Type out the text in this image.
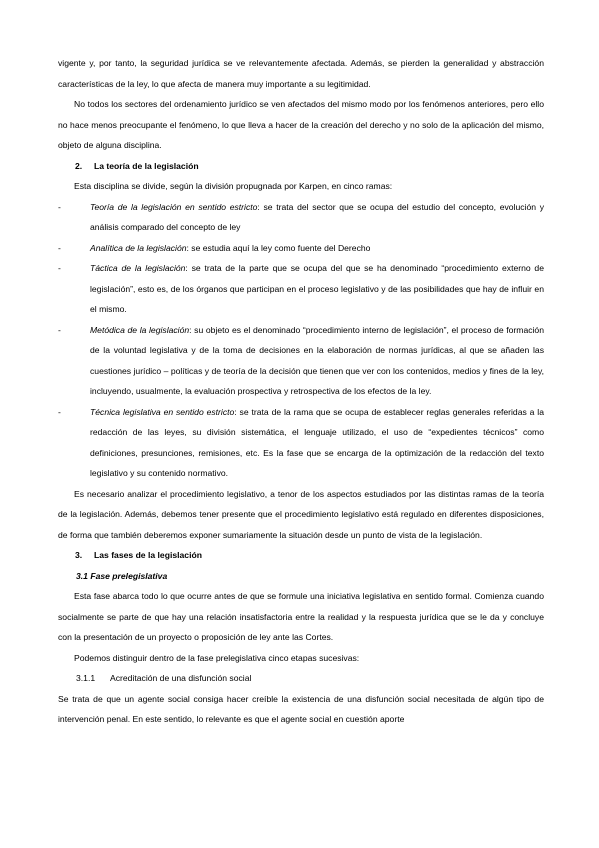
vigente y, por tanto, la seguridad jurídica se ve relevantemente afectada. Además, se pierden la generalidad y abstracción características de la ley, lo que afecta de manera muy importante a su legitimidad.

No todos los sectores del ordenamiento jurídico se ven afectados del mismo modo por los fenómenos anteriores, pero ello no hace menos preocupante el fenómeno, lo que lleva a hacer de la creación del derecho y no solo de la aplicación del mismo, objeto de alguna disciplina.

2. La teoría de la legislación

Esta disciplina se divide, según la división propugnada por Karpen, en cinco ramas:

-	Teoría de la legislación en sentido estricto: se trata del sector que se ocupa del estudio del concepto, evolución y análisis comparado del concepto de ley
-	Analítica de la legislación: se estudia aquí la ley como fuente del Derecho
-	Táctica de la legislación: se trata de la parte que se ocupa del que se ha denominado “procedimiento externo de legislación”, esto es, de los órganos que participan en el proceso legislativo y de las posibilidades que hay de influir en el mismo.
-	Metódica de la legislación: su objeto es el denominado “procedimiento interno de legislación”, el proceso de formación de la voluntad legislativa y de la toma de decisiones en la elaboración de normas jurídicas, al que se añaden las cuestiones jurídico – políticas y de teoría de la decisión que tienen que ver con los contenidos, medios y fines de la ley, incluyendo, usualmente, la evaluación prospectiva y retrospectiva de los efectos de la ley.
-	Técnica legislativa en sentido estricto: se trata de la rama que se ocupa de establecer reglas generales referidas a la redacción de las leyes, su división sistemática, el lenguaje utilizado, el uso de “expedientes técnicos” como definiciones, presunciones, remisiones, etc. Es la fase que se encarga de la optimización de la redacción del texto legislativo y su contenido normativo.

Es necesario analizar el procedimiento legislativo, a tenor de los aspectos estudiados por las distintas ramas de la teoría de la legislación. Además, debemos tener presente que el procedimiento legislativo está regulado en diferentes disposiciones, de forma que también deberemos exponer sumariamente la situación desde un punto de vista de la legislación.

3. Las fases de la legislación
3.1 Fase prelegislativa

Esta fase abarca todo lo que ocurre antes de que se formule una iniciativa legislativa en sentido formal. Comienza cuando socialmente se parte de que hay una relación insatisfactoria entre la realidad y la respuesta jurídica que se le da y concluye con la presentación de un proyecto o proposición de ley ante las Cortes.

Podemos distinguir dentro de la fase prelegislativa cinco etapas sucesivas:

3.1.1 Acreditación de una disfunción social

Se trata de que un agente social consiga hacer creíble la existencia de una disfunción social necesitada de algún tipo de intervención penal. En este sentido, lo relevante es que el agente social en cuestión aporte
